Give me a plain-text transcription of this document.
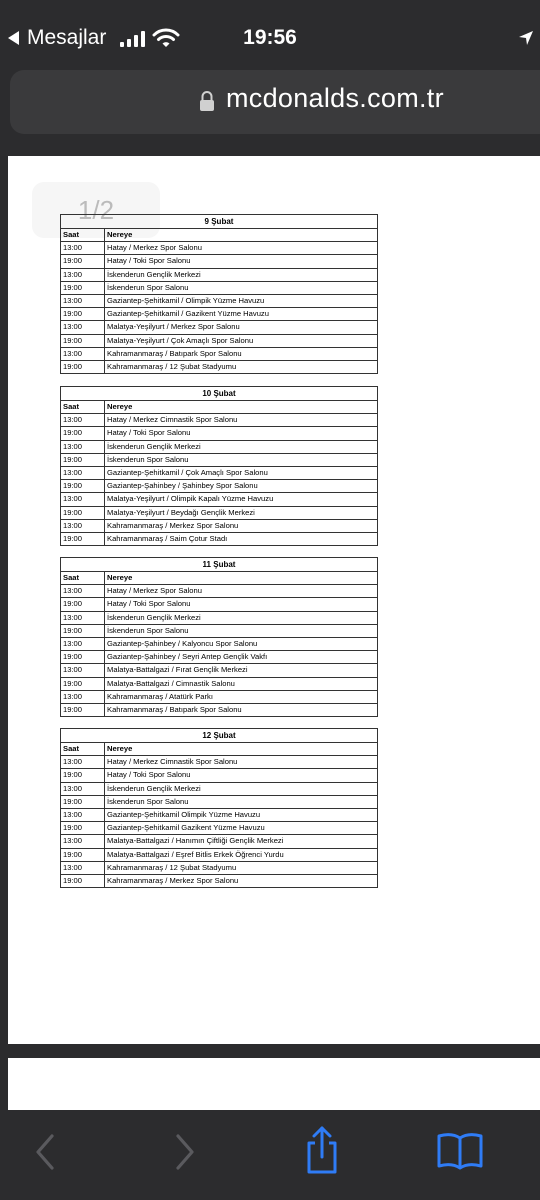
Mesajlar	19:56
mcdonalds.com.tr
1/2	9 Şubat	
Saat	Nereye
13:00	Hatay / Merkez Spor Salonu
19:00	Hatay / Toki Spor Salonu
13:00	İskenderun Gençlik Merkezi
19:00	İskenderun Spor Salonu
13:00	Gaziantep-Şehitkamil / Olimpik Yüzme Havuzu
19:00	Gaziantep-Şehitkamil / Gazikent Yüzme Havuzu
13:00	Malatya-Yeşilyurt / Merkez Spor Salonu
19:00	Malatya-Yeşilyurt / Çok Amaçlı Spor Salonu
13:00	Kahramanmaraş / Batıpark Spor Salonu
19:00	Kahramanmaraş / 12 Şubat Stadyumu
10 Şubat	
Saat	Nereye
13:00	Hatay / Merkez Cimnastik Spor Salonu
19:00	Hatay / Toki Spor Salonu
13:00	İskenderun Gençlik Merkezi
19:00	İskenderun Spor Salonu
13:00	Gaziantep-Şehitkamil / Çok Amaçlı Spor Salonu
19:00	Gaziantep-Şahinbey / Şahinbey Spor Salonu
13:00	Malatya-Yeşilyurt / Olimpik Kapalı Yüzme Havuzu
19:00	Malatya-Yeşilyurt / Beydağı Gençlik Merkezi
13:00	Kahramanmaraş / Merkez Spor Salonu
19:00	Kahramanmaraş / Saim Çotur Stadı
11 Şubat	
Saat	Nereye
13:00	Hatay / Merkez Spor Salonu
19:00	Hatay / Toki Spor Salonu
13:00	İskenderun Gençlik Merkezi
19:00	İskenderun Spor Salonu
13:00	Gaziantep-Şahinbey / Kalyoncu Spor Salonu
19:00	Gaziantep-Şahinbey / Seyri Antep Gençlik Vakfı
13:00	Malatya-Battalgazi / Fırat Gençlik Merkezi
19:00	Malatya-Battalgazi / Cimnastik Salonu
13:00	Kahramanmaraş / Atatürk Parkı
19:00	Kahramanmaraş / Batıpark Spor Salonu
12 Şubat	
Saat	Nereye
13:00	Hatay / Merkez Cimnastik Spor Salonu
19:00	Hatay / Toki Spor Salonu
13:00	İskenderun Gençlik Merkezi
19:00	İskenderun Spor Salonu
13:00	Gaziantep-Şehitkamil Olimpik Yüzme Havuzu
19:00	Gaziantep-Şehitkamil Gazikent Yüzme Havuzu
13:00	Malatya-Battalgazi / Hanımın Çiftliği Gençlik Merkezi
19:00	Malatya-Battalgazi / Eşref Bitlis Erkek Öğrenci Yurdu
13:00	Kahramanmaraş / 12 Şubat Stadyumu
19:00	Kahramanmaraş / Merkez Spor Salonu
